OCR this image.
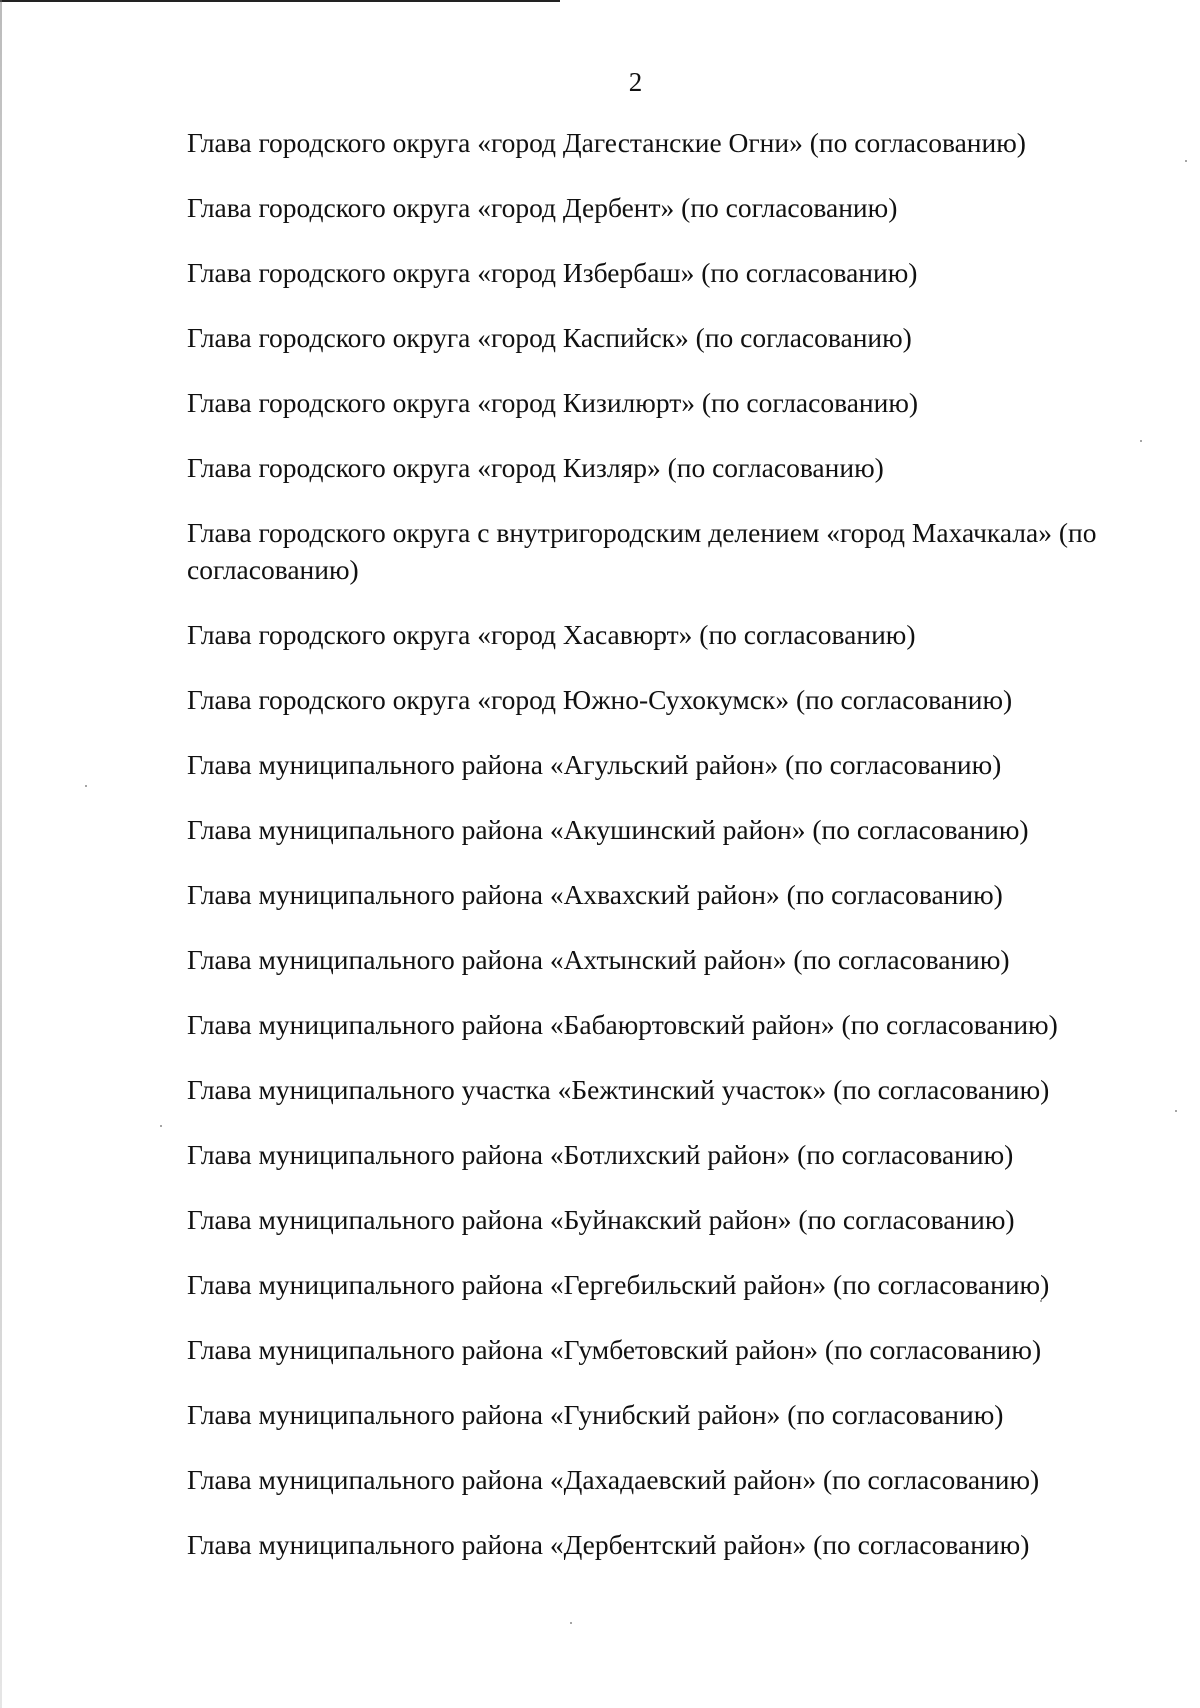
2
Глава городского округа «город Дагестанские Огни» (по согласованию)
Глава городского округа «город Дербент» (по согласованию)
Глава городского округа «город Избербаш» (по согласованию)
Глава городского округа «город Каспийск» (по согласованию)
Глава городского округа «город Кизилюрт» (по согласованию)
Глава городского округа «город Кизляр» (по согласованию)
Глава городского округа с внутригородским делением «город Махачкала» (по согласованию)
Глава городского округа «город Хасавюрт» (по согласованию)
Глава городского округа «город Южно-Сухокумск» (по согласованию)
Глава муниципального района «Агульский район» (по согласованию)
Глава муниципального района «Акушинский район» (по согласованию)
Глава муниципального района «Ахвахский район» (по согласованию)
Глава муниципального района «Ахтынский район» (по согласованию)
Глава муниципального района «Бабаюртовский район» (по согласованию)
Глава муниципального участка «Бежтинский участок» (по согласованию)
Глава муниципального района «Ботлихский район» (по согласованию)
Глава муниципального района «Буйнакский район» (по согласованию)
Глава муниципального района «Гергебильский район» (по согласованию)
Глава муниципального района «Гумбетовский район» (по согласованию)
Глава муниципального района «Гунибский район» (по согласованию)
Глава муниципального района «Дахадаевский район» (по согласованию)
Глава муниципального района «Дербентский район» (по согласованию)
